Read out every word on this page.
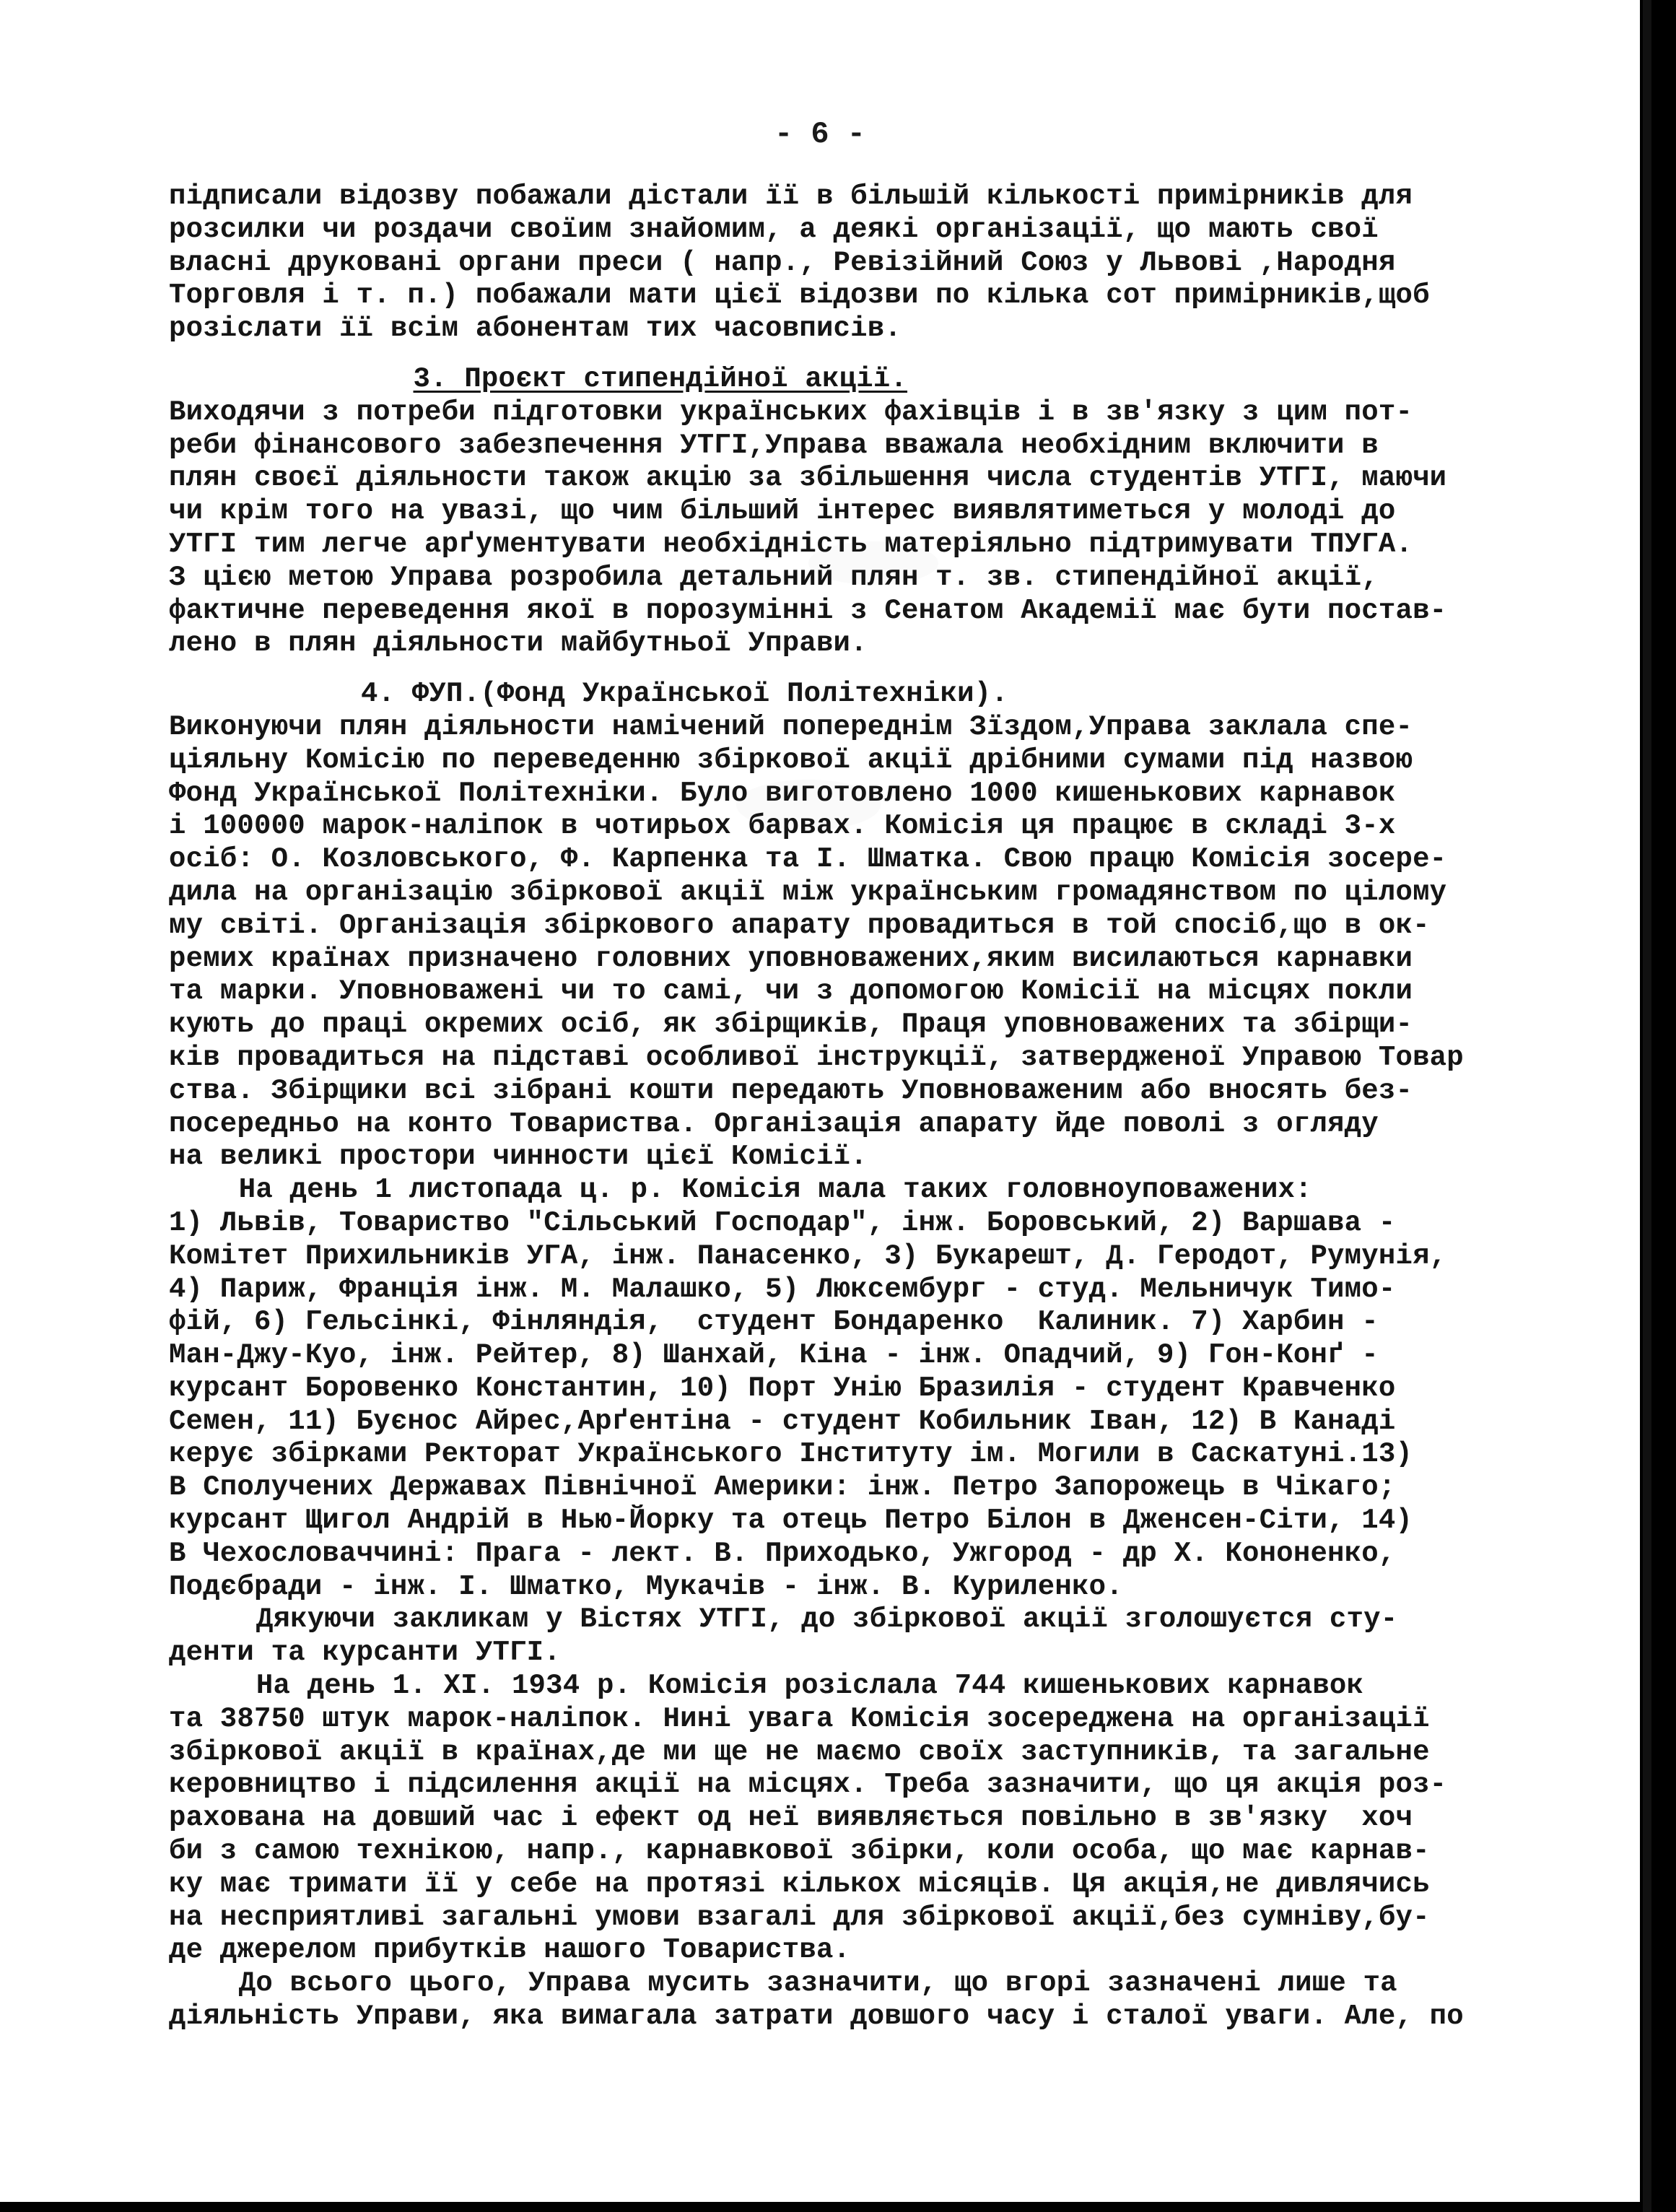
- 6 -
підписали відозву побажали дістали її в більшій кількості примірників для
розсилки чи роздачи своїим знайомим, а деякі організації, що мають свої
власні друковані органи преси ( напр., Ревізійний Союз у Львові ,Народня
Торговля і т. п.) побажали мати цієї відозви по кілька сот примірників,щоб
розіслати її всім абонентам тих часовписів.
3. Проєкт стипендійної акції.
Виходячи з потреби підготовки українських фахівців і в зв'язку з цим пот-
реби фінансового забезпечення УТГІ,Управа вважала необхідним включити в
плян своєї діяльности також акцію за збільшення числа студентів УТГІ, маючи
чи крім того на увазі, що чим більший інтерес виявлятиметься у молоді до
УТГІ тим легче арґументувати необхідність матеріяльно підтримувати ТПУГА.
З цією метою Управа розробила детальний плян т. зв. стипендійної акції,
фактичне переведення якої в порозумінні з Сенатом Академії має бути постав-
лено в плян діяльности майбутньої Управи.
4. ФУП.(Фонд Української Політехніки).
Виконуючи плян діяльности намічений попереднім Зїздом,Управа заклала спе-
ціяльну Комісію по переведенню збіркової акції дрібними сумами під назвою
Фонд Української Політехніки. Було виготовлено 1000 кишенькових карнавок
і 100000 марок-наліпок в чотирьох барвах. Комісія ця працює в складі 3-х
осіб: О. Козловського, Ф. Карпенка та І. Шматка. Свою працю Комісія зосере-
дила на організацію збіркової акції між українським громадянством по цілому
му світі. Організація збіркового апарату провадиться в той спосіб,що в ок-
ремих країнах призначено головних уповноважених,яким висилаються карнавки
та марки. Уповноважені чи то самі, чи з допомогою Комісії на місцях покли
кують до праці окремих осіб, як збірщиків, Праця уповноважених та збірщи-
ків провадиться на підставі особливої інструкції, затвердженої Управою Товар
ства. Збірщики всі зібрані кошти передають Уповноваженим або вносять без-
посередньо на конто Товариства. Організація апарату йде поволі з огляду
на великі простори чинности цієї Комісії.
На день 1 листопада ц. р. Комісія мала таких головноуповажених:
1) Львів, Товариство "Сільський Господар", інж. Боровський, 2) Варшава -
Комітет Прихильників УГА, інж. Панасенко, 3) Букарешт, Д. Геродот, Румунія,
4) Париж, Франція інж. М. Малашко, 5) Люксембург - студ. Мельничук Тимо-
фій, 6) Гельсінкі, Фінляндія,  студент Бондаренко  Калиник. 7) Харбин -
Ман-Джу-Куо, інж. Рейтер, 8) Шанхай, Кіна - інж. Опадчий, 9) Гон-Конґ -
курсант Боровенко Константин, 10) Порт Унію Бразилія - студент Кравченко
Семен, 11) Буєнос Айрес,Арґентіна - студент Кобильник Іван, 12) В Канаді
керує збірками Ректорат Українського Інституту ім. Могили в Саскатуні.13)
В Сполучених Державах Північної Америки: інж. Петро Запорожець в Чікаго;
курсант Щигол Андрій в Нью-Йорку та отець Петро Білон в Дженсен-Сіти, 14)
В Чехословаччині: Прага - лект. В. Приходько, Ужгород - др Х. Кононенко,
Подєбради - інж. І. Шматко, Мукачів - інж. В. Куриленко.
Дякуючи закликам у Вістях УТГІ, до збіркової акції зголошуєтся сту-
денти та курсанти УТГІ.
На день 1. ХІ. 1934 р. Комісія розіслала 744 кишенькових карнавок
та 38750 штук марок-наліпок. Нині увага Комісія зосереджена на організації
збіркової акції в країнах,де ми ще не маємо своїх заступників, та загальне
керовництво і підсилення акції на місцях. Треба зазначити, що ця акція роз-
рахована на довший час і ефект од неї виявляється повільно в зв'язку  хоч
би з самою технікою, напр., карнавкової збірки, коли особа, що має карнав-
ку має тримати її у себе на протязі кількох місяців. Ця акція,не дивлячись
на несприятливі загальні умови взагалі для збіркової акції,без сумніву,бу-
де джерелом прибутків нашого Товариства.
До всього цього, Управа мусить зазначити, що вгорі зазначені лише та
діяльність Управи, яка вимагала затрати довшого часу і сталої уваги. Але, по
